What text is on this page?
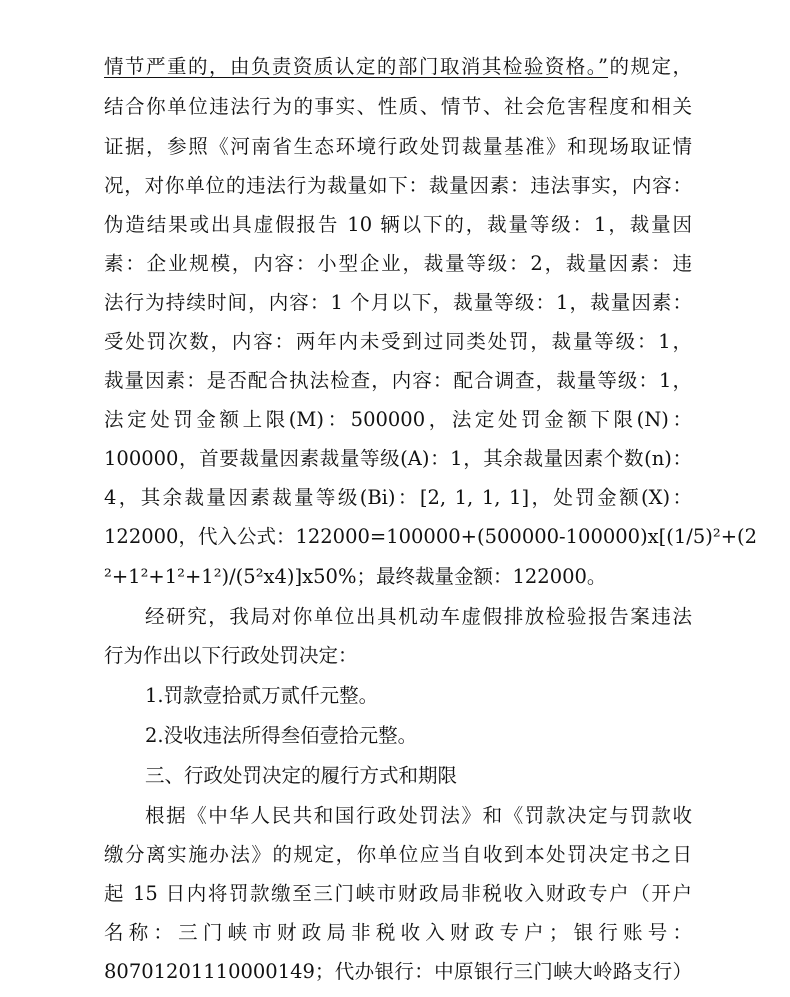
情节严重的，由负责资质认定的部门取消其检验资格。”的规定，
结合你单位违法行为的事实、性质、情节、社会危害程度和相关
证据，参照《河南省生态环境行政处罚裁量基准》和现场取证情
况，对你单位的违法行为裁量如下：裁量因素：违法事实，内容：
伪造结果或出具虚假报告 10 辆以下的，裁量等级：1，裁量因
素：企业规模，内容：小型企业，裁量等级：2，裁量因素：违
法行为持续时间，内容：1 个月以下，裁量等级：1，裁量因素：
受处罚次数，内容：两年内未受到过同类处罚，裁量等级：1，
裁量因素：是否配合执法检查，内容：配合调查，裁量等级：1，
法定处罚金额上限(M)：500000，法定处罚金额下限(N)：
100000，首要裁量因素裁量等级(A)：1，其余裁量因素个数(n)：
4，其余裁量因素裁量等级(Bi)：[2, 1, 1, 1]，处罚金额(X)：
122000，代入公式：122000=100000+(500000-100000)x[(1/5)²+(2
²+1²+1²+1²)/(5²x4)]x50%；最终裁量金额：122000。
经研究，我局对你单位出具机动车虚假排放检验报告案违法
行为作出以下行政处罚决定：
1.罚款壹拾贰万贰仟元整。
2.没收违法所得叁佰壹拾元整。
三、行政处罚决定的履行方式和期限
根据《中华人民共和国行政处罚法》和《罚款决定与罚款收
缴分离实施办法》的规定，你单位应当自收到本处罚决定书之日
起 15 日内将罚款缴至三门峡市财政局非税收入财政专户（开户
名称：三门峡市财政局非税收入财政专户；银行账号：
80701201110000149；代办银行：中原银行三门峡大岭路支行）
